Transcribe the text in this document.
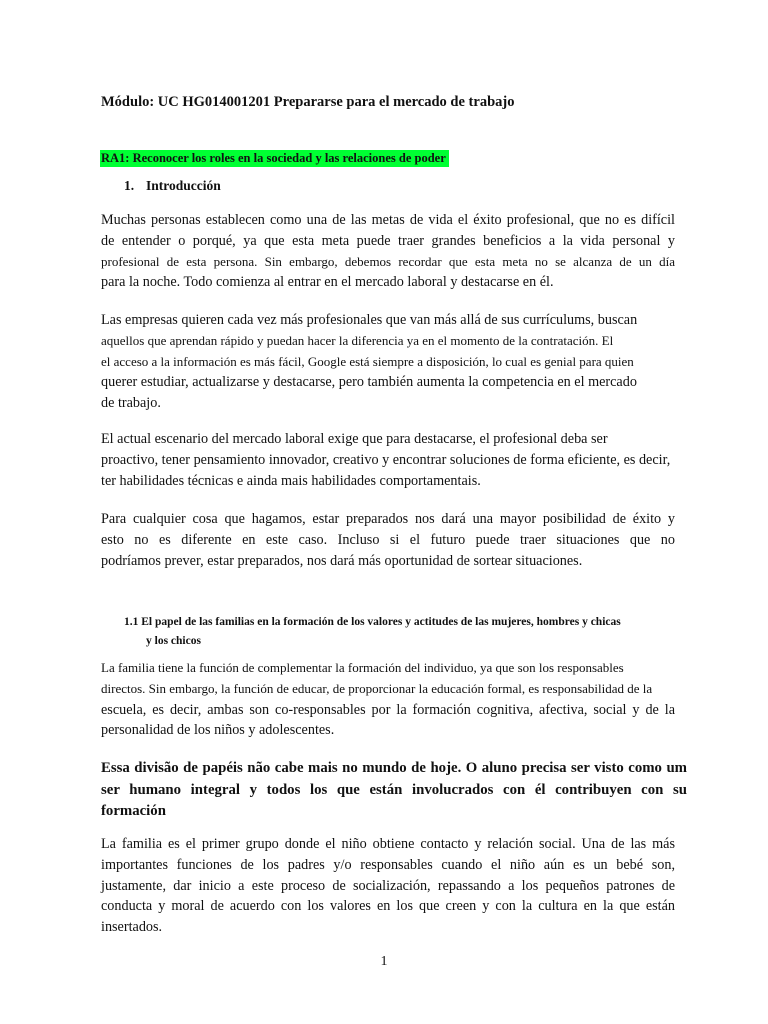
Módulo: UC HG014001201 Prepararse para el mercado de trabajo

RA1: Reconocer los roles en la sociedad y las relaciones de poder

1. Introducción

Muchas personas establecen como una de las metas de vida el éxito profesional, que no es difícil
de entender o porqué, ya que esta meta puede traer grandes beneficios a la vida personal y
profesional de esta persona. Sin embargo, debemos recordar que esta meta no se alcanza de un día
para la noche. Todo comienza al entrar en el mercado laboral y destacarse en él.
Las empresas quieren cada vez más profesionales que van más allá de sus currículums, buscan
aquellos que aprendan rápido y puedan hacer la diferencia ya en el momento de la contratación. El
el acceso a la información es más fácil, Google está siempre a disposición, lo cual es genial para quien
querer estudiar, actualizarse y destacarse, pero también aumenta la competencia en el mercado
de trabajo.
El actual escenario del mercado laboral exige que para destacarse, el profesional deba ser
proactivo, tener pensamiento innovador, creativo y encontrar soluciones de forma eficiente, es decir,
ter habilidades técnicas e ainda mais habilidades comportamentais.
Para cualquier cosa que hagamos, estar preparados nos dará una mayor posibilidad de éxito y
esto no es diferente en este caso. Incluso si el futuro puede traer situaciones que no
podríamos prever, estar preparados, nos dará más oportunidad de sortear situaciones.
1.1 El papel de las familias en la formación de los valores y actitudes de las mujeres, hombres y chicas
y los chicos
La familia tiene la función de complementar la formación del individuo, ya que son los responsables
directos. Sin embargo, la función de educar, de proporcionar la educación formal, es responsabilidad de la
escuela, es decir, ambas son co-responsables por la formación cognitiva, afectiva, social y de la
personalidad de los niños y adolescentes.
Essa divisão de papéis não cabe mais no mundo de hoje. O aluno precisa ser visto como um
ser humano integral y todos los que están involucrados con él contribuyen con su
formación
La familia es el primer grupo donde el niño obtiene contacto y relación social. Una de las más
importantes funciones de los padres y/o responsables cuando el niño aún es un bebé son,
justamente, dar inicio a este proceso de socialización, repassando a los pequeños patrones de
conducta y moral de acuerdo con los valores en los que creen y con la cultura en la que están
insertados.

1
